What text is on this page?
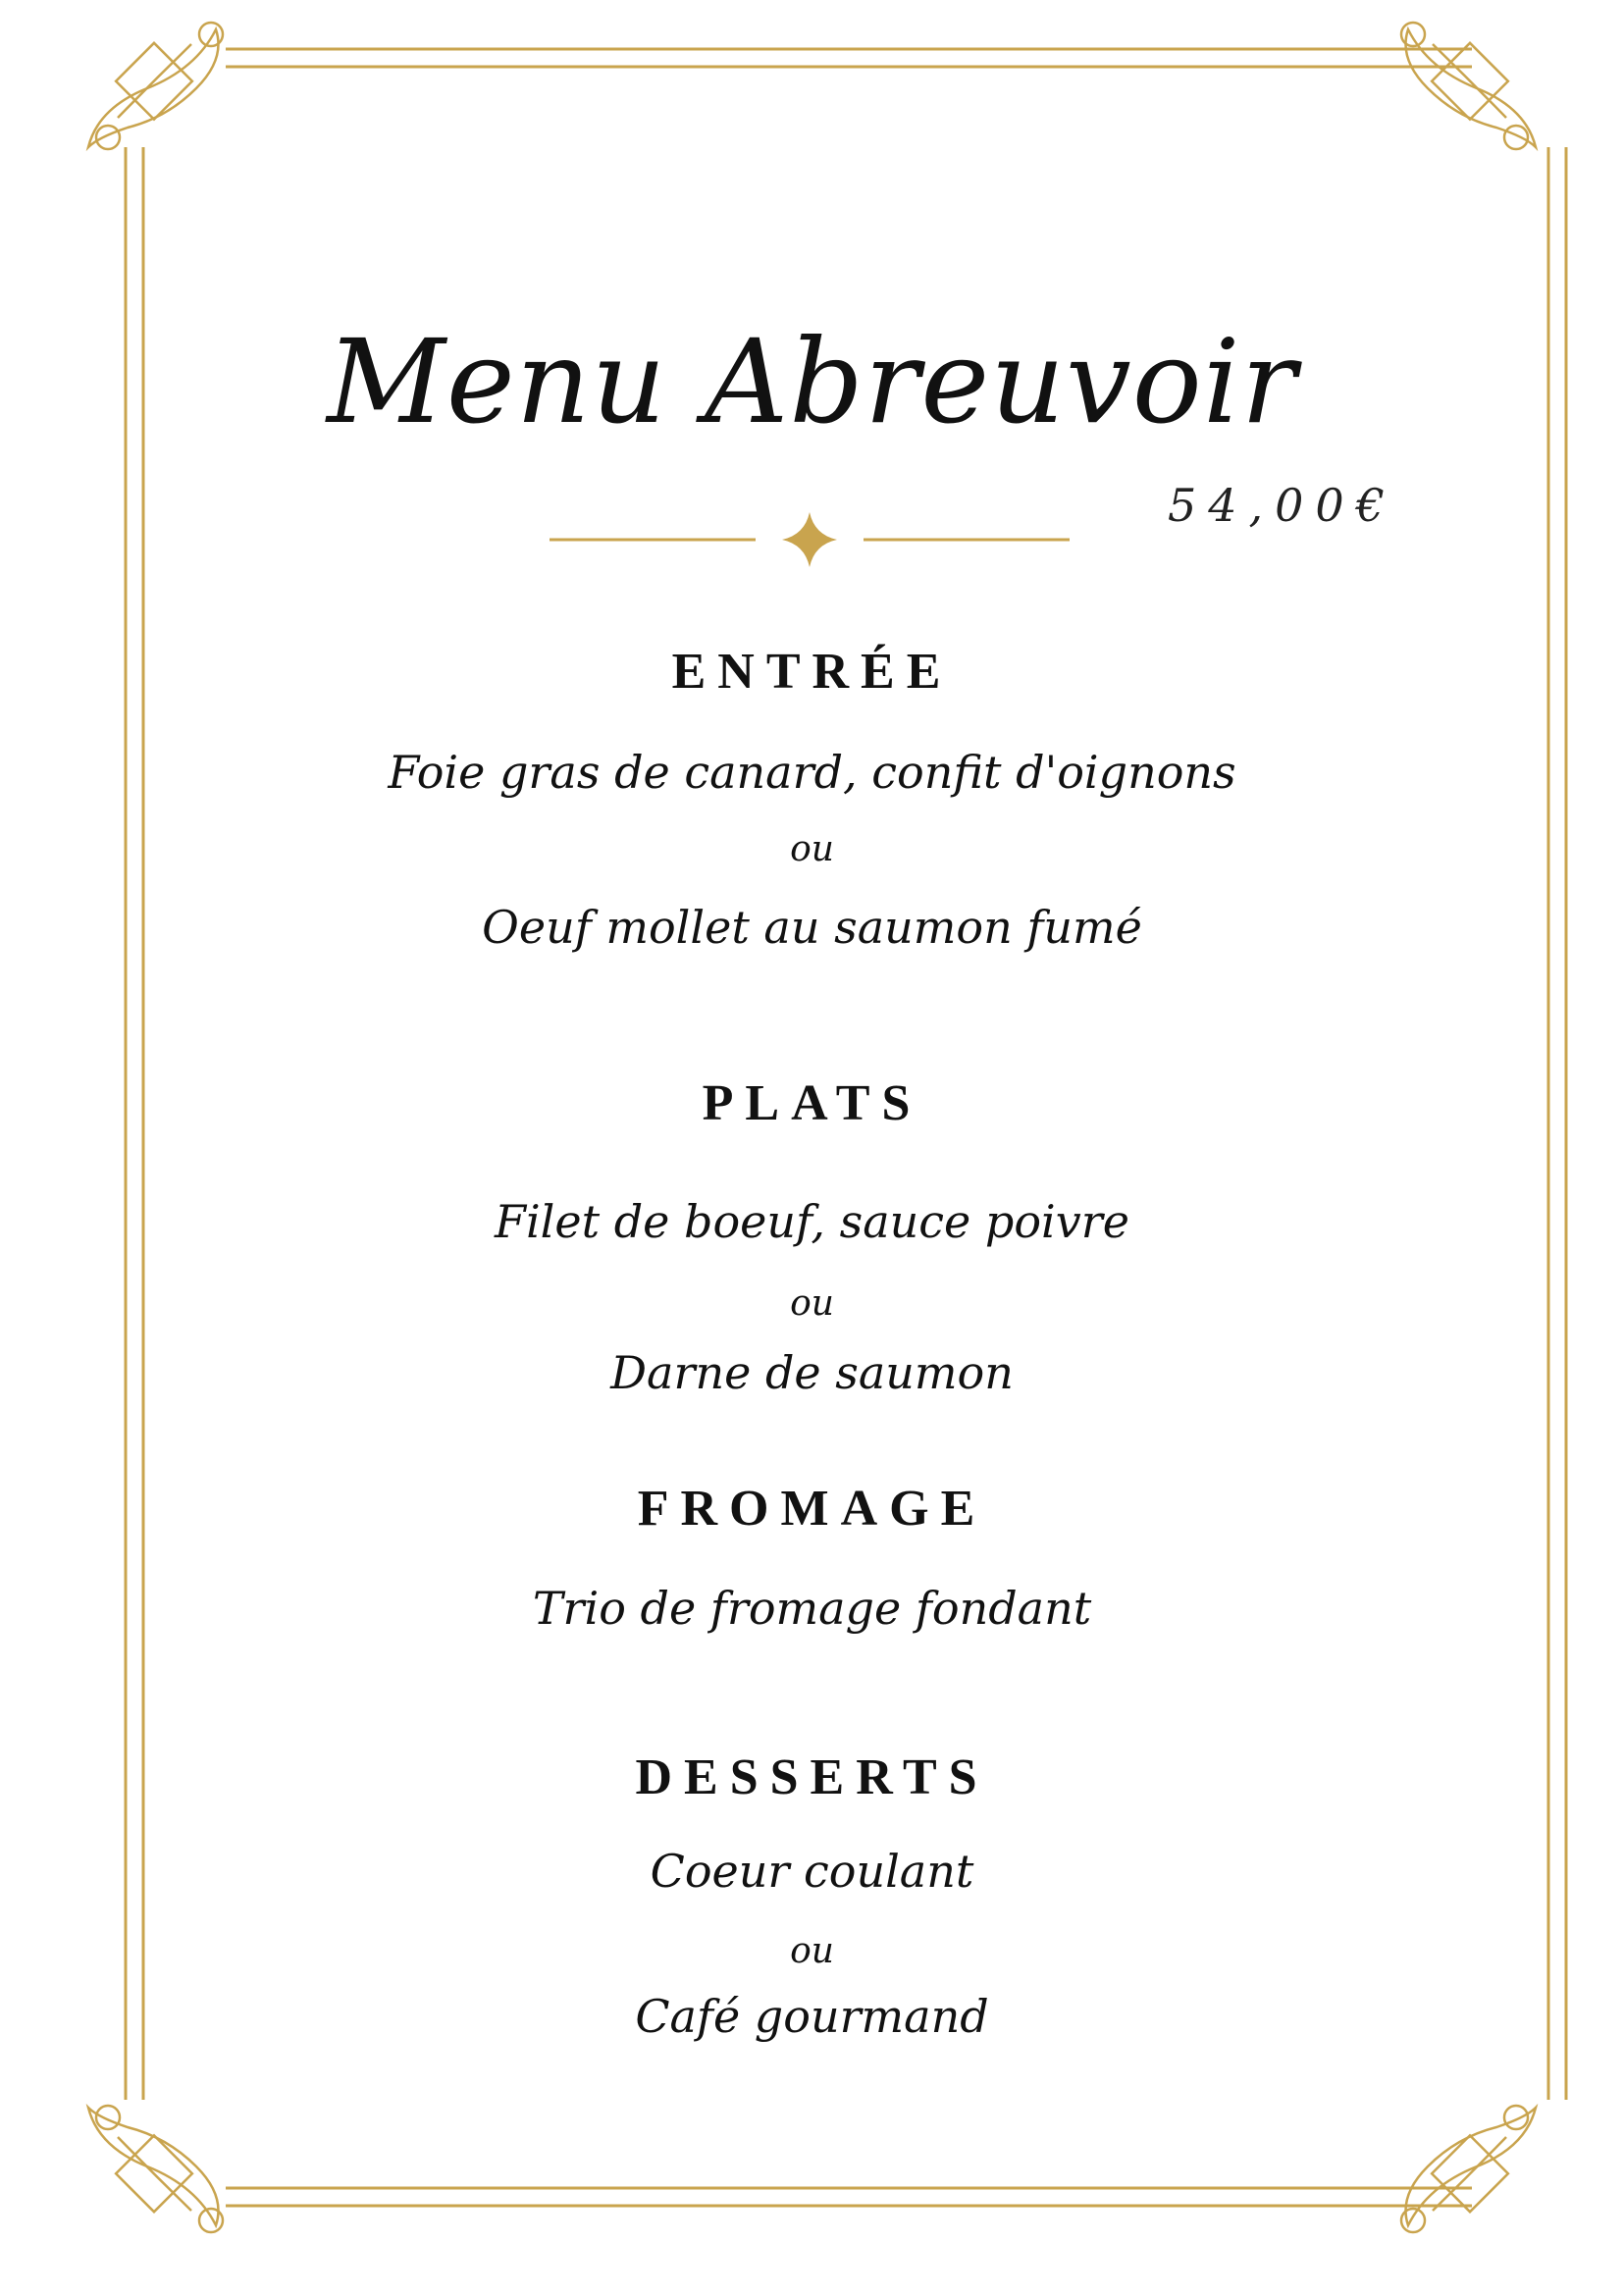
Menu Abreuvoir
54,00€
ENTRÉE
Foie gras de canard, confit d'oignons
ou
Oeuf mollet au saumon fumé
PLATS
Filet de boeuf, sauce poivre
ou
Darne de saumon
FROMAGE
Trio de fromage fondant
DESSERTS
Coeur coulant
ou
Café gourmand
